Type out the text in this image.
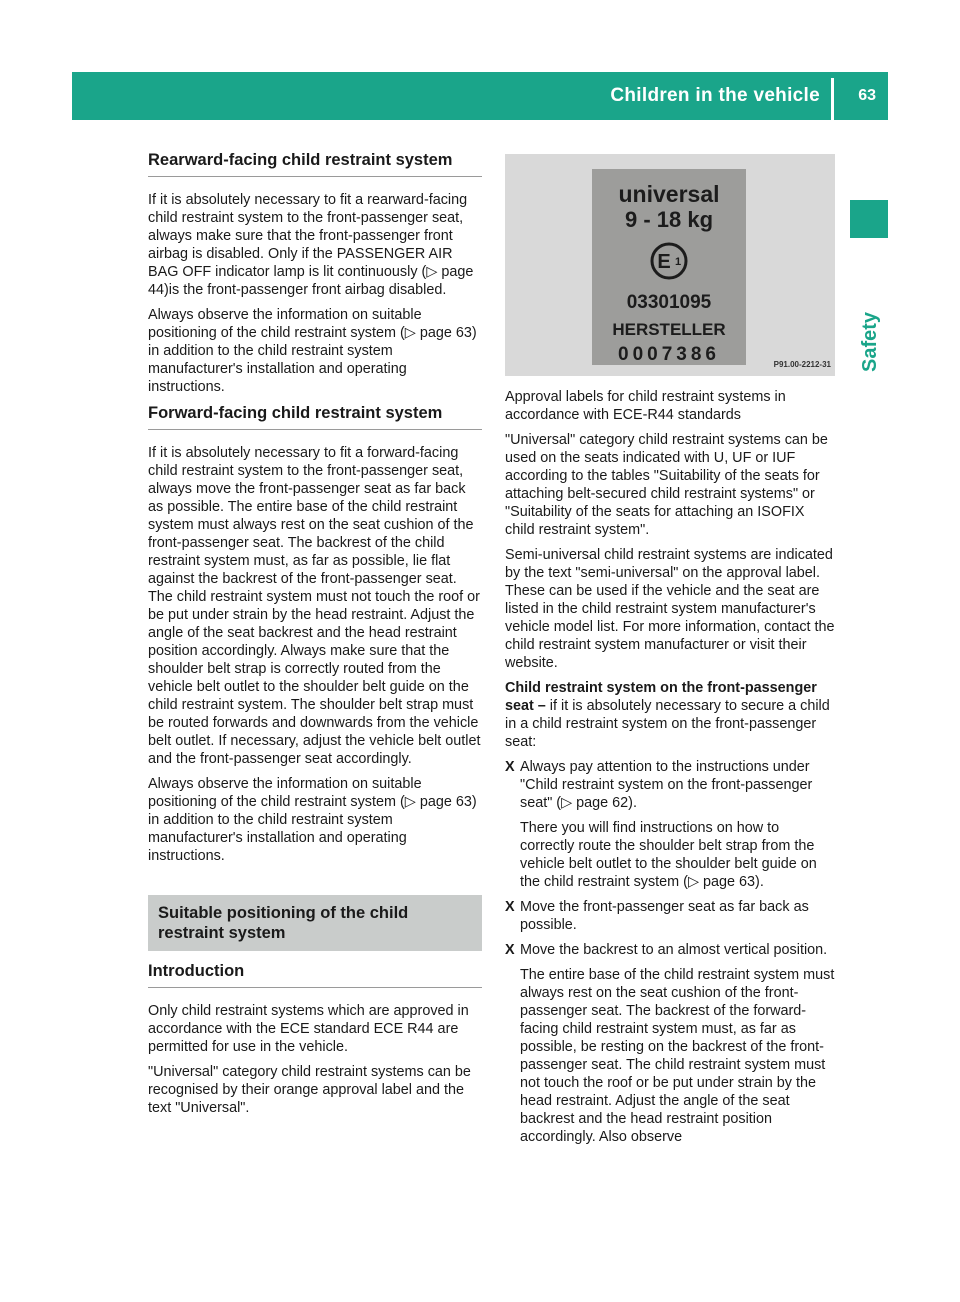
Children in the vehicle 63
Safety
Rearward-facing child restraint system

If it is absolutely necessary to fit a rearward-facing child restraint system to the front-passenger seat, always make sure that the front-passenger front airbag is disabled. Only if the PASSENGER AIR BAG OFF indicator lamp is lit continuously (▷ page 44)is the front-passenger front airbag disabled.

Always observe the information on suitable positioning of the child restraint system (▷ page 63) in addition to the child restraint system manufacturer's installation and operating instructions.

Forward-facing child restraint system

If it is absolutely necessary to fit a forward-facing child restraint system to the front-passenger seat, always move the front-passenger seat as far back as possible. The entire base of the child restraint system must always rest on the seat cushion of the front-passenger seat. The backrest of the child restraint system must, as far as possible, lie flat against the backrest of the front-passenger seat. The child restraint system must not touch the roof or be put under strain by the head restraint. Adjust the angle of the seat backrest and the head restraint position accordingly. Always make sure that the shoulder belt strap is correctly routed from the vehicle belt outlet to the shoulder belt guide on the child restraint system. The shoulder belt strap must be routed forwards and downwards from the vehicle belt outlet. If necessary, adjust the vehicle belt outlet and the front-passenger seat accordingly.

Always observe the information on suitable positioning of the child restraint system (▷ page 63) in addition to the child restraint system manufacturer's installation and operating instructions.

Suitable positioning of the child restraint system
Introduction

Only child restraint systems which are approved in accordance with the ECE standard ECE R44 are permitted for use in the vehicle.

"Universal" category child restraint systems can be recognised by their orange approval label and the text "Universal".

universal
9 - 18 kg
E 1
03301095
HERSTELLER
0007386	P91.00-2212-31

Approval labels for child restraint systems in accordance with ECE-R44 standards

"Universal" category child restraint systems can be used on the seats indicated with U, UF or IUF according to the tables "Suitability of the seats for attaching belt-secured child restraint systems" or "Suitability of the seats for attaching an ISOFIX child restraint system".

Semi-universal child restraint systems are indicated by the text "semi-universal" on the approval label. These can be used if the vehicle and the seat are listed in the child restraint system manufacturer's vehicle model list. For more information, contact the child restraint system manufacturer or visit their website.

Child restraint system on the front-passenger seat – if it is absolutely necessary to secure a child in a child restraint system on the front-passenger seat:

X Always pay attention to the instructions under "Child restraint system on the front-passenger seat" (▷ page 62).

There you will find instructions on how to correctly route the shoulder belt strap from the vehicle belt outlet to the shoulder belt guide on the child restraint system (▷ page 63).

X Move the front-passenger seat as far back as possible.

X Move the backrest to an almost vertical position.

The entire base of the child restraint system must always rest on the seat cushion of the front-passenger seat. The backrest of the forward-facing child restraint system must, as far as possible, be resting on the backrest of the front-passenger seat. The child restraint system must not touch the roof or be put under strain by the head restraint. Adjust the angle of the seat backrest and the head restraint position accordingly. Also observe
